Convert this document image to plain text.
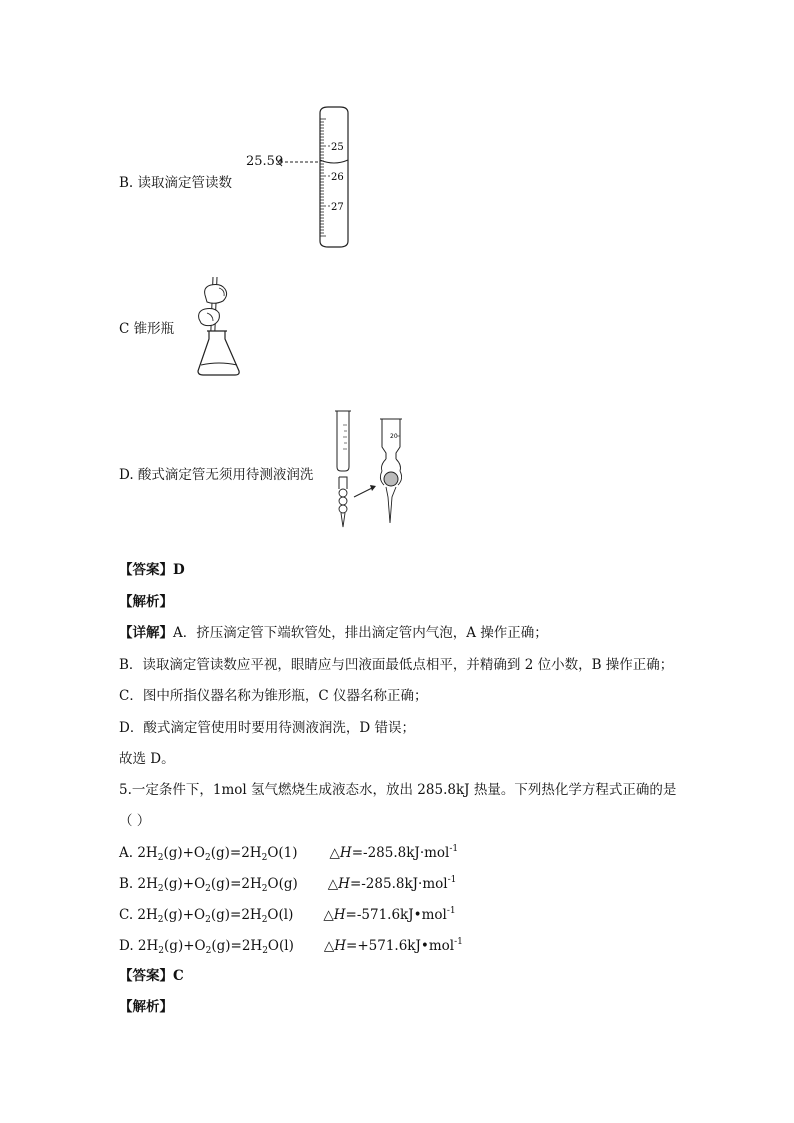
B. 读取滴定管读数
25.59
25
26
27
C 锥形瓶
D. 酸式滴定管无须用待测液润洗
20
【答案】D
【解析】
【详解】A．挤压滴定管下端软管处，排出滴定管内气泡，A 操作正确；
B．读取滴定管读数应平视，眼睛应与凹液面最低点相平，并精确到 2 位小数，B 操作正确；
C．图中所指仪器名称为锥形瓶，C 仪器名称正确；
D．酸式滴定管使用时要用待测液润洗，D 错误；
故选 D。
5.一定条件下，1mol 氢气燃烧生成液态水，放出 285.8kJ 热量。下列热化学方程式正确的是
（ ）
A. $2H_2(g)+O_2(g)=2H_2O(1)$ △H=-285.8kJ·mol$^{-1}$
B. $2H_2(g)+O_2(g)=2H_2O(g)$ △H=-285.8kJ·mol$^{-1}$
C. $2H_2(g)+O_2(g)=2H_2O(l)$ △H=-571.6kJ•mol$^{-1}$
D. $2H_2(g)+O_2(g)=2H_2O(l)$ △H=+571.6kJ•mol$^{-1}$
【答案】C
【解析】
